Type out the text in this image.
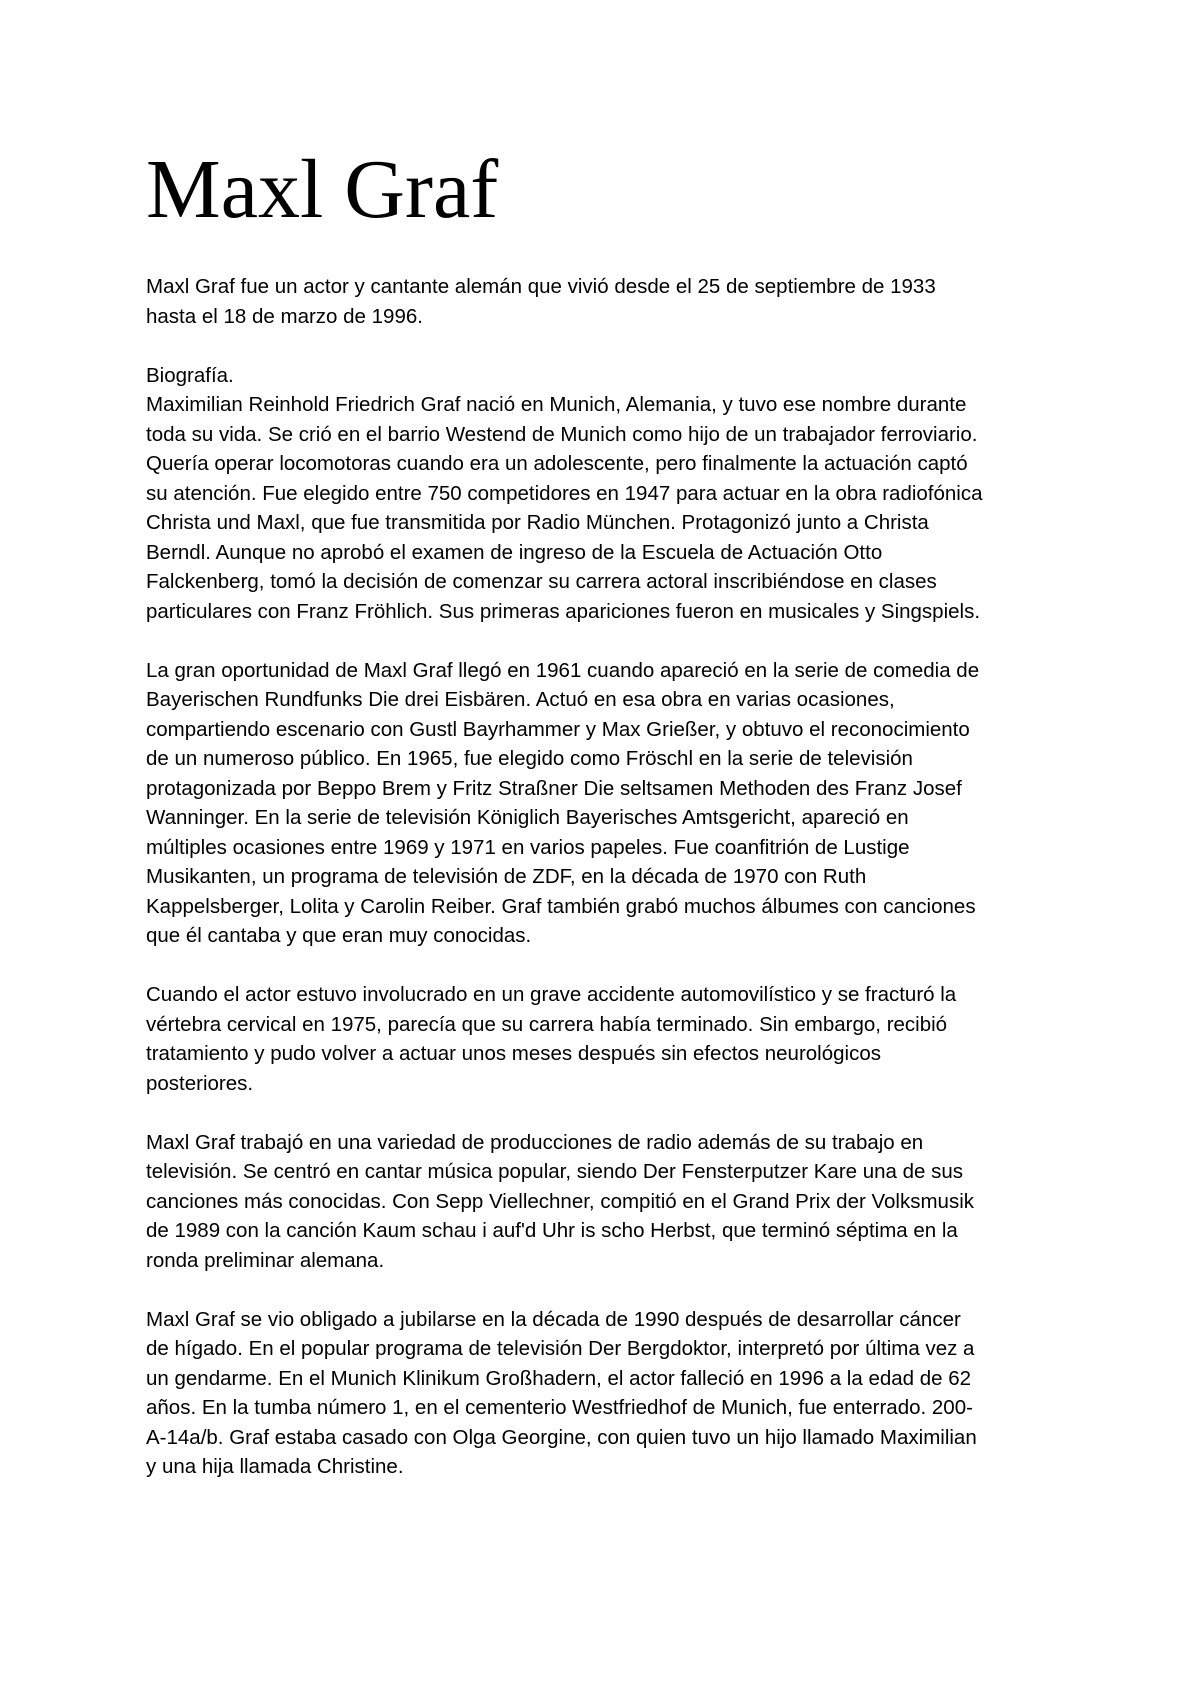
Maxl Graf

Maxl Graf fue un actor y cantante alemán que vivió desde el 25 de septiembre de 1933
hasta el 18 de marzo de 1996.

Biografía.

Maximilian Reinhold Friedrich Graf nació en Munich, Alemania, y tuvo ese nombre durante
toda su vida. Se crió en el barrio Westend de Munich como hijo de un trabajador ferroviario.
Quería operar locomotoras cuando era un adolescente, pero finalmente la actuación captó
su atención. Fue elegido entre 750 competidores en 1947 para actuar en la obra radiofónica
Christa und Maxl, que fue transmitida por Radio München. Protagonizó junto a Christa
Berndl. Aunque no aprobó el examen de ingreso de la Escuela de Actuación Otto
Falckenberg, tomó la decisión de comenzar su carrera actoral inscribiéndose en clases
particulares con Franz Fröhlich. Sus primeras apariciones fueron en musicales y Singspiels.

La gran oportunidad de Maxl Graf llegó en 1961 cuando apareció en la serie de comedia de
Bayerischen Rundfunks Die drei Eisbären. Actuó en esa obra en varias ocasiones,
compartiendo escenario con Gustl Bayrhammer y Max Grießer, y obtuvo el reconocimiento
de un numeroso público. En 1965, fue elegido como Fröschl en la serie de televisión
protagonizada por Beppo Brem y Fritz Straßner Die seltsamen Methoden des Franz Josef
Wanninger. En la serie de televisión Königlich Bayerisches Amtsgericht, apareció en
múltiples ocasiones entre 1969 y 1971 en varios papeles. Fue coanfitrión de Lustige
Musikanten, un programa de televisión de ZDF, en la década de 1970 con Ruth
Kappelsberger, Lolita y Carolin Reiber. Graf también grabó muchos álbumes con canciones
que él cantaba y que eran muy conocidas.

Cuando el actor estuvo involucrado en un grave accidente automovilístico y se fracturó la
vértebra cervical en 1975, parecía que su carrera había terminado. Sin embargo, recibió
tratamiento y pudo volver a actuar unos meses después sin efectos neurológicos
posteriores.

Maxl Graf trabajó en una variedad de producciones de radio además de su trabajo en
televisión. Se centró en cantar música popular, siendo Der Fensterputzer Kare una de sus
canciones más conocidas. Con Sepp Viellechner, compitió en el Grand Prix der Volksmusik
de 1989 con la canción Kaum schau i auf'd Uhr is scho Herbst, que terminó séptima en la
ronda preliminar alemana.

Maxl Graf se vio obligado a jubilarse en la década de 1990 después de desarrollar cáncer
de hígado. En el popular programa de televisión Der Bergdoktor, interpretó por última vez a
un gendarme. En el Munich Klinikum Großhadern, el actor falleció en 1996 a la edad de 62
años. En la tumba número 1, en el cementerio Westfriedhof de Munich, fue enterrado. 200-
A-14a/b. Graf estaba casado con Olga Georgine, con quien tuvo un hijo llamado Maximilian
y una hija llamada Christine.
